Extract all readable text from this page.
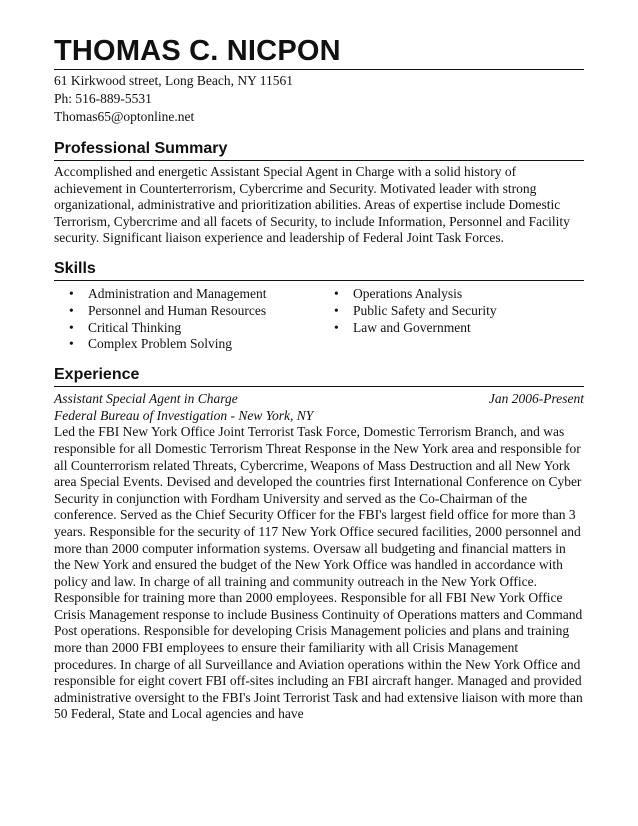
THOMAS C. NICPON
61 Kirkwood street, Long Beach, NY 11561
Ph: 516-889-5531
Thomas65@optonline.net
Professional Summary

Accomplished and energetic Assistant Special Agent in Charge with a solid history of achievement in Counterterrorism, Cybercrime and Security. Motivated leader with strong organizational, administrative and prioritization abilities. Areas of expertise include Domestic Terrorism, Cybercrime and all facets of Security, to include Information, Personnel and Facility security. Significant liaison experience and leadership of Federal Joint Task Forces.

Skills
• Administration and Management
• Personnel and Human Resources
• Critical Thinking
• Complex Problem Solving
• Operations Analysis
• Public Safety and Security
• Law and Government
Experience
Assistant Special Agent in Charge	Jan 2006-Present
Federal Bureau of Investigation - New York, NY

Led the FBI New York Office Joint Terrorist Task Force, Domestic Terrorism Branch, and was responsible for all Domestic Terrorism Threat Response in the New York area and responsible for all Counterrorism related Threats, Cybercrime, Weapons of Mass Destruction and all New York area Special Events. Devised and developed the countries first International Conference on Cyber Security in conjunction with Fordham University and served as the Co-Chairman of the conference. Served as the Chief Security Officer for the FBI's largest field office for more than 3 years. Responsible for the security of 117 New York Office secured facilities, 2000 personnel and more than 2000 computer information systems. Oversaw all budgeting and financial matters in the New York and ensured the budget of the New York Office was handled in accordance with policy and law. In charge of all training and community outreach in the New York Office. Responsible for training more than 2000 employees. Responsible for all FBI New York Office Crisis Management response to include Business Continuity of Operations matters and Command Post operations. Responsible for developing Crisis Management policies and plans and training more than 2000 FBI employees to ensure their familiarity with all Crisis Management procedures. In charge of all Surveillance and Aviation operations within the New York Office and responsible for eight covert FBI off-sites including an FBI aircraft hanger. Managed and provided administrative oversight to the FBI's Joint Terrorist Task and had extensive liaison with more than 50 Federal, State and Local agencies and have
